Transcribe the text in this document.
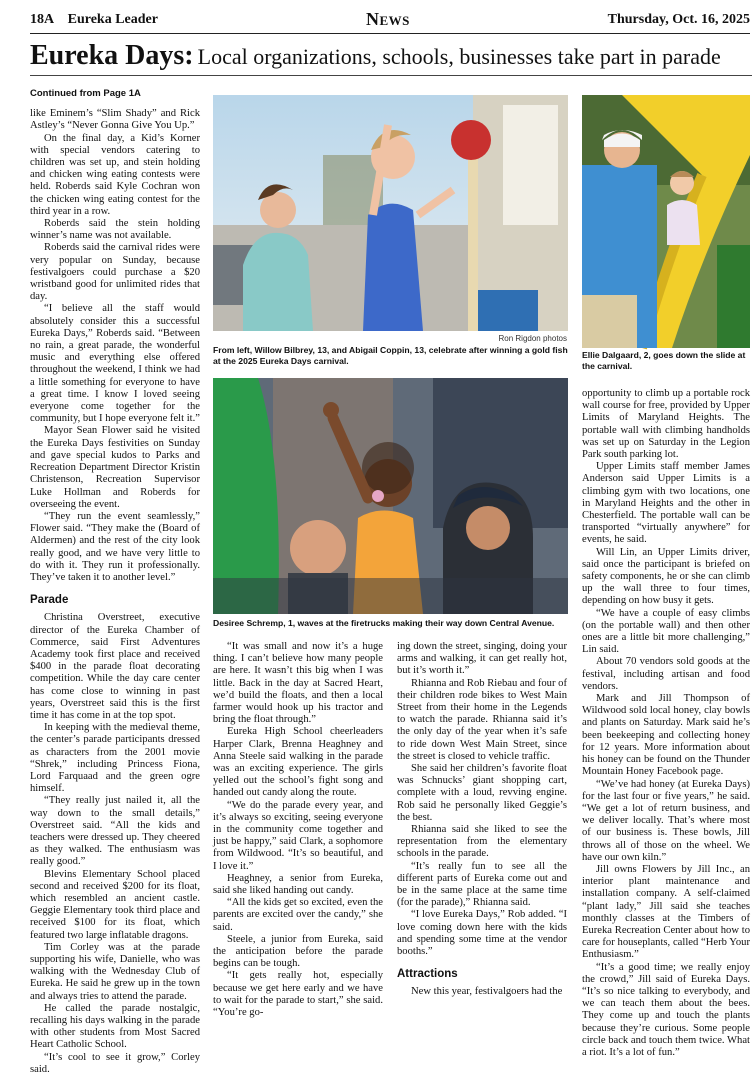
18A Eureka Leader	News	Thursday, Oct. 16, 2025
Eureka Days: Local organizations, schools, businesses take part in parade
Continued from Page 1A

like Eminem’s “Slim Shady” and Rick Astley’s “Never Gonna Give You Up.”

On the final day, a Kid’s Korner with special vendors catering to children was set up, and stein holding and chicken wing eating contests were held. Roberds said Kyle Cochran won the chicken wing eating contest for the third year in a row.

Roberds said the stein holding winner’s name was not available.

Roberds said the carnival rides were very popular on Sunday, because festivalgoers could purchase a $20 wristband good for unlimited rides that day.

“I believe all the staff would absolutely consider this a successful Eureka Days,” Roberds said. “Between no rain, a great parade, the wonderful music and everything else offered throughout the weekend, I think we had a little something for everyone to have a great time. I know I loved seeing everyone come together for the community, but I hope everyone felt it.”

Mayor Sean Flower said he visited the Eureka Days festivities on Sunday and gave special kudos to Parks and Recreation Department Director Kristin Christenson, Recreation Supervisor Luke Hollman and Roberds for overseeing the event.

“They run the event seamlessly,” Flower said. “They make the (Board of Aldermen) and the rest of the city look really good, and we have very little to do with it. They run it professionally. They’ve taken it to another level.”

Parade

Christina Overstreet, executive director of the Eureka Chamber of Commerce, said First Adventures Academy took first place and received $400 in the parade float decorating competition. While the day care center has come close to winning in past years, Overstreet said this is the first time it has come in at the top spot.

In keeping with the medieval theme, the center’s parade participants dressed as characters from the 2001 movie “Shrek,” including Princess Fiona, Lord Farquaad and the green ogre himself.

“They really just nailed it, all the way down to the small details,” Overstreet said. “All the kids and teachers were dressed up. They cheered as they walked. The enthusiasm was really good.”

Blevins Elementary School placed second and received $200 for its float, which resembled an ancient castle. Geggie Elementary took third place and received $100 for its float, which featured two large inflatable dragons.

Tim Corley was at the parade supporting his wife, Danielle, who was walking with the Wednesday Club of Eureka. He said he grew up in the town and always tries to attend the parade.

He called the parade nostalgic, recalling his days walking in the parade with other students from Most Sacred Heart Catholic School.

“It’s cool to see it grow,” Corley said.

Ron Rigdon photos
From left, Willow Bilbrey, 13, and Abigail Coppin, 13, celebrate after winning a gold fish at the 2025 Eureka Days carnival.
Ellie Dalgaard, 2, goes down the slide at the carnival.
Desiree Schremp, 1, waves at the firetrucks making their way down Central Avenue.

“It was small and now it’s a huge thing. I can’t believe how many people are here. It wasn’t this big when I was little. Back in the day at Sacred Heart, we’d build the floats, and then a local farmer would hook up his tractor and bring the float through.”

Eureka High School cheerleaders Harper Clark, Brenna Heaghney and Anna Steele said walking in the parade was an exciting experience. The girls yelled out the school’s fight song and handed out candy along the route.

“We do the parade every year, and it’s always so exciting, seeing everyone in the community come together and just be happy,” said Clark, a sophomore from Wildwood. “It’s so beautiful, and I love it.”

Heaghney, a senior from Eureka, said she liked handing out candy.

“All the kids get so excited, even the parents are excited over the candy,” she said.

Steele, a junior from Eureka, said the anticipation before the parade begins can be tough.

“It gets really hot, especially because we get here early and we have to wait for the parade to start,” she said. “You’re go-

ing down the street, singing, doing your arms and walking, it can get really hot, but it’s worth it.”

Rhianna and Rob Riebau and four of their children rode bikes to West Main Street from their home in the Legends to watch the parade. Rhianna said it’s the only day of the year when it’s safe to ride down West Main Street, since the street is closed to vehicle traffic.

She said her children’s favorite float was Schnucks’ giant shopping cart, complete with a loud, revving engine. Rob said he personally liked Geggie’s the best.

Rhianna said she liked to see the representation from the elementary schools in the parade.

“It’s really fun to see all the different parts of Eureka come out and be in the same place at the same time (for the parade),” Rhianna said.

“I love Eureka Days,” Rob added. “I love coming down here with the kids and spending some time at the vendor booths.”

Attractions

New this year, festivalgoers had the

opportunity to climb up a portable rock wall course for free, provided by Upper Limits of Maryland Heights. The portable wall with climbing handholds was set up on Saturday in the Legion Park south parking lot.

Upper Limits staff member James Anderson said Upper Limits is a climbing gym with two locations, one in Maryland Heights and the other in Chesterfield. The portable wall can be transported “virtually anywhere” for events, he said.

Will Lin, an Upper Limits driver, said once the participant is briefed on safety components, he or she can climb up the wall three to four times, depending on how busy it gets.

“We have a couple of easy climbs (on the portable wall) and then other ones are a little bit more challenging,” Lin said.

About 70 vendors sold goods at the festival, including artisan and food vendors.

Mark and Jill Thompson of Wildwood sold local honey, clay bowls and plants on Saturday. Mark said he’s been beekeeping and collecting honey for 12 years. More information about his honey can be found on the Thunder Mountain Honey Facebook page.

“We’ve had honey (at Eureka Days) for the last four or five years,” he said. “We get a lot of return business, and we deliver locally. That’s where most of our business is. These bowls, Jill throws all of those on the wheel. We have our own kiln.”

Jill owns Flowers by Jill Inc., an interior plant maintenance and installation company. A self-claimed “plant lady,” Jill said she teaches monthly classes at the Timbers of Eureka Recreation Center about how to care for houseplants, called “Herb Your Enthusiasm.”

“It’s a good time; we really enjoy the crowd,” Jill said of Eureka Days. “It’s so nice talking to everybody, and we can teach them about the bees. They come up and touch the plants because they’re curious. Some people circle back and touch them twice. What a riot. It’s a lot of fun.”
